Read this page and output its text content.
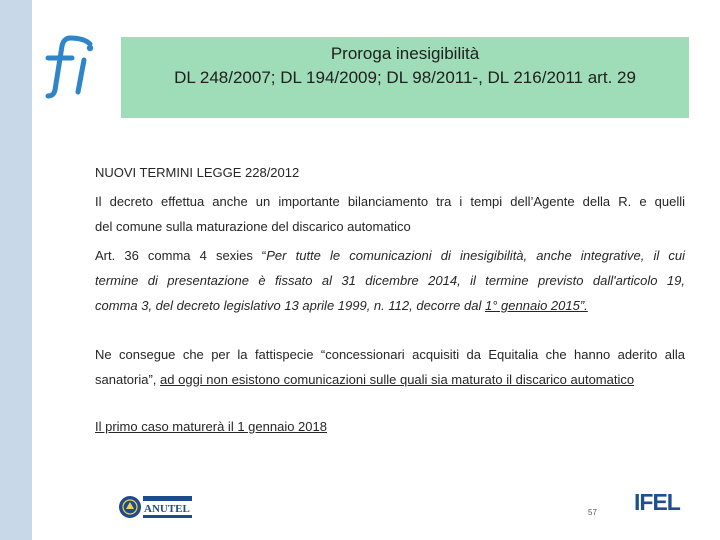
Proroga inesigibilità
DL 248/2007; DL 194/2009; DL 98/2011-, DL 216/2011 art. 29

NUOVI TERMINI LEGGE 228/2012

Il decreto effettua anche un importante bilanciamento tra i tempi dell’Agente della R. e quelli
del comune sulla maturazione del discarico automatico

Art. 36 comma 4 sexies “Per tutte le comunicazioni di inesigibilità, anche integrative, il cui
termine di presentazione è fissato al 31 dicembre 2014, il termine previsto dall'articolo 19,
comma 3, del decreto legislativo 13 aprile 1999, n. 112, decorre dal 1° gennaio 2015”.

Ne consegue che per la fattispecie “concessionari acquisiti da Equitalia che hanno aderito alla
sanatoria”, ad oggi non esistono comunicazioni sulle quali sia maturato il discarico automatico

Il primo caso maturerà il 1 gennaio 2018

ANUTEL	57 IFEL
